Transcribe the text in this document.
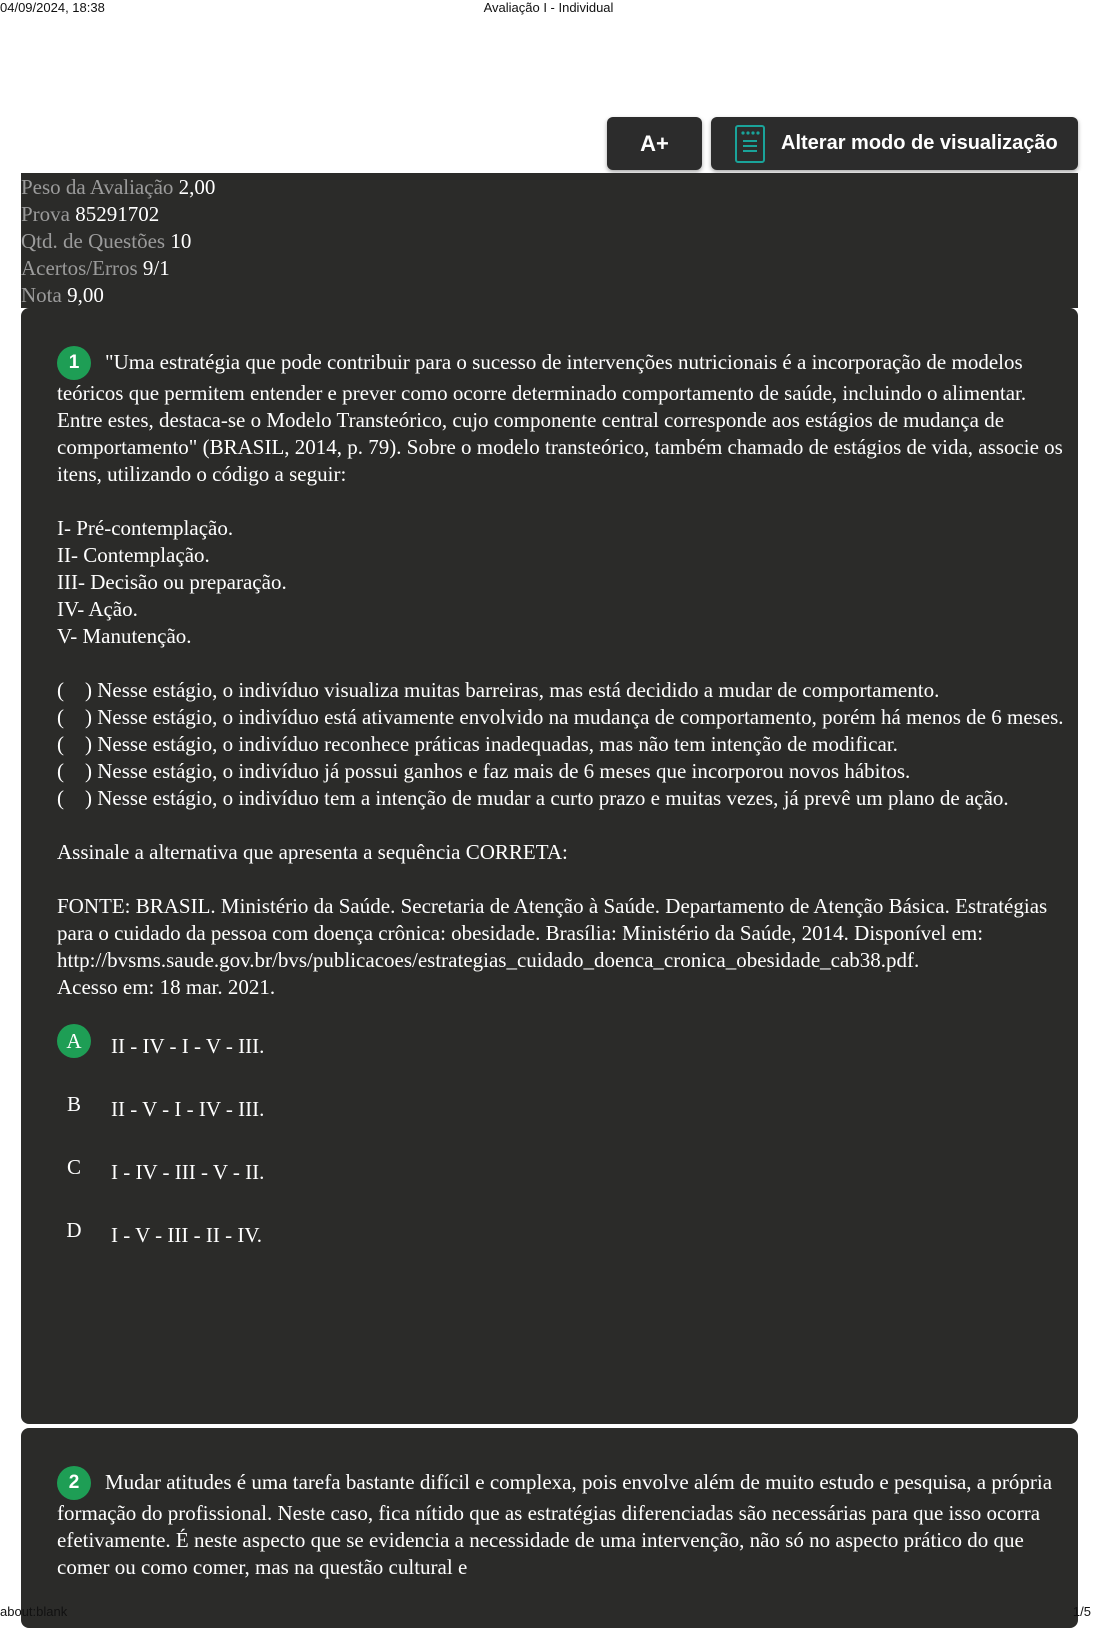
04/09/2024, 18:38	Avaliação I - Individual
A+	Alterar modo de visualização
Peso da Avaliação 2,00
Prova 85291702
Qtd. de Questões 10
Acertos/Erros 9/1
Nota 9,00

1 "Uma estratégia que pode contribuir para o sucesso de intervenções nutricionais é a incorporação de modelos teóricos que permitem entender e prever como ocorre determinado comportamento de saúde, incluindo o alimentar. Entre estes, destaca-se o Modelo Transteórico, cujo componente central corresponde aos estágios de mudança de comportamento" (BRASIL, 2014, p. 79). Sobre o modelo transteórico, também chamado de estágios de vida, associe os itens, utilizando o código a seguir:

I- Pré-contemplação.

II- Contemplação.

III- Decisão ou preparação.

IV- Ação.

V- Manutenção.

(    ) Nesse estágio, o indivíduo visualiza muitas barreiras, mas está decidido a mudar de comportamento.

(    ) Nesse estágio, o indivíduo está ativamente envolvido na mudança de comportamento, porém há menos de 6 meses.

(    ) Nesse estágio, o indivíduo reconhece práticas inadequadas, mas não tem intenção de modificar.

(    ) Nesse estágio, o indivíduo já possui ganhos e faz mais de 6 meses que incorporou novos hábitos.

(    ) Nesse estágio, o indivíduo tem a intenção de mudar a curto prazo e muitas vezes, já prevê um plano de ação.

Assinale a alternativa que apresenta a sequência CORRETA:

FONTE: BRASIL. Ministério da Saúde. Secretaria de Atenção à Saúde. Departamento de Atenção Básica. Estratégias para o cuidado da pessoa com doença crônica: obesidade. Brasília: Ministério da Saúde, 2014. Disponível em:
http://bvsms.saude.gov.br/bvs/publicacoes/estrategias_cuidado_doenca_cronica_obesidade_cab38.pdf.
Acesso em: 18 mar. 2021.

A	II - IV - I - V - III.
B	II - V - I - IV - III.
C	I - IV - III - V - II.
D	I - V - III - II - IV.

2 Mudar atitudes é uma tarefa bastante difícil e complexa, pois envolve além de muito estudo e pesquisa, a própria formação do profissional. Neste caso, fica nítido que as estratégias diferenciadas são necessárias para que isso ocorra efetivamente. É neste aspecto que se evidencia a necessidade de uma intervenção, não só no aspecto prático do que comer ou como comer, mas na questão cultural e

about:blank	1/5
